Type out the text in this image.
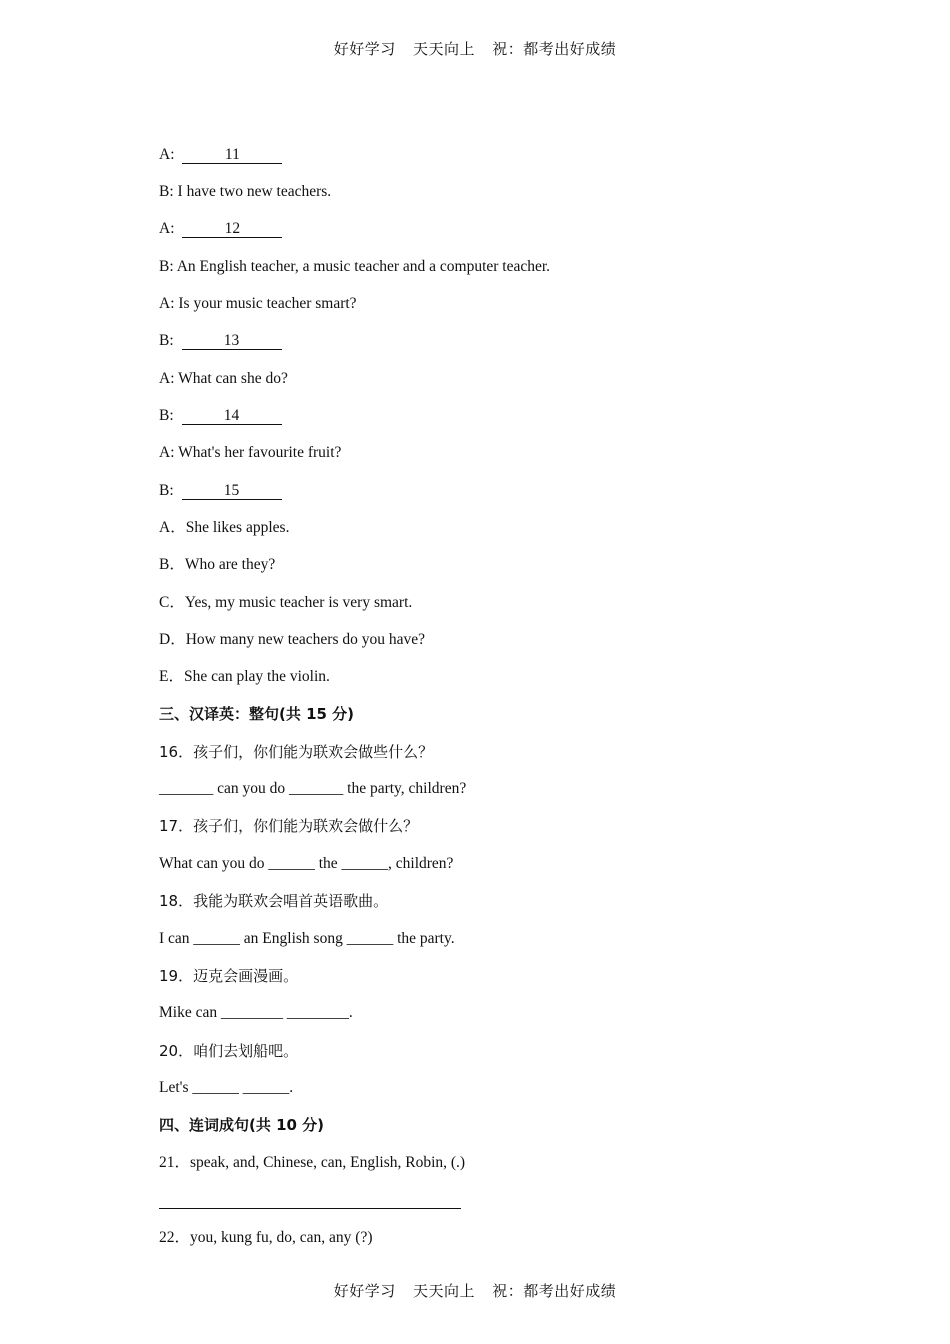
好好学习 天天向上 祝：都考出好成绩
A:	11
B: I have two new teachers.
A:	12
B: An English teacher, a music teacher and a computer teacher.
A: Is your music teacher smart?
B:	13
A: What can she do?
B:	14
A: What's her favourite fruit?
B:	15
A．She likes apples.
B．Who are they?
C．Yes, my music teacher is very smart.
D．How many new teachers do you have?
E．She can play the violin.
三、汉译英：整句(共 15 分)
16．孩子们，你们能为联欢会做些什么？
_______ can you do _______ the party, children?
17．孩子们，你们能为联欢会做什么？
What can you do ______ the ______, children?
18．我能为联欢会唱首英语歌曲。
I can ______ an English song ______ the party.
19．迈克会画漫画。
Mike can ________ ________.
20．咱们去划船吧。
Let's ______ ______.
四、连词成句(共 10 分)
21．speak, and, Chinese, can, English, Robin, (.)
22．you, kung fu, do, can, any (?)
好好学习 天天向上 祝：都考出好成绩
